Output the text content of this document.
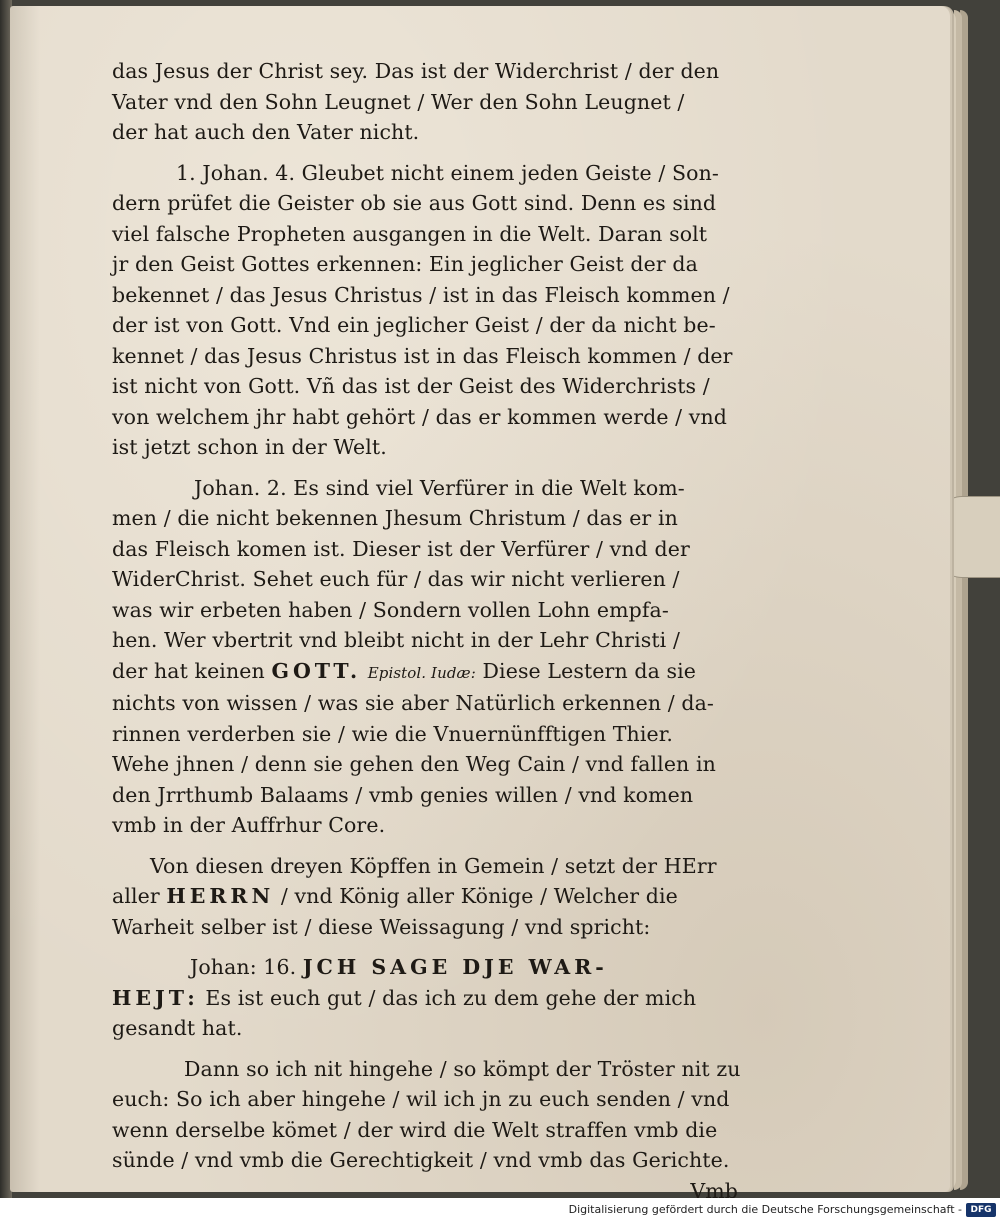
das Jesus der Christ sey. Das ist der Widerchrist / der den
Vater vnd den Sohn Leugnet / Wer den Sohn Leugnet /
der hat auch den Vater nicht.
1. Johan. 4. Gleubet nicht einem jeden Geiste / Son-
dern prüfet die Geister ob sie aus Gott sind. Denn es sind
viel falsche Propheten ausgangen in die Welt. Daran solt
jr den Geist Gottes erkennen: Ein jeglicher Geist der da
bekennet / das Jesus Christus / ist in das Fleisch kommen /
der ist von Gott. Vnd ein jeglicher Geist / der da nicht be-
kennet / das Jesus Christus ist in das Fleisch kommen / der
ist nicht von Gott. Vñ das ist der Geist des Widerchrists /
von welchem jhr habt gehört / das er kommen werde / vnd
ist jetzt schon in der Welt.
Johan. 2. Es sind viel Verfürer in die Welt kom-
men / die nicht bekennen Jhesum Christum / das er in
das Fleisch komen ist. Dieser ist der Verfürer / vnd der
WiderChrist. Sehet euch für / das wir nicht verlieren /
was wir erbeten haben / Sondern vollen Lohn empfa-
hen. Wer vbertrit vnd bleibt nicht in der Lehr Christi /
der hat keinen GOTT. Epistol. Iudæ: Diese Lestern da sie
nichts von wissen / was sie aber Natürlich erkennen / da-
rinnen verderben sie / wie die Vnuernünfftigen Thier.
Wehe jhnen / denn sie gehen den Weg Cain / vnd fallen in
den Jrrthumb Balaams / vmb genies willen / vnd komen
vmb in der Auffrhur Core.
Von diesen dreyen Köpffen in Gemein / setzt der HErr
aller HERRN / vnd König aller Könige / Welcher die
Warheit selber ist / diese Weissagung / vnd spricht:
Johan: 16. JCH SAGE DJE WAR-
HEJT: Es ist euch gut / das ich zu dem gehe der mich
gesandt hat.
Dann so ich nit hingehe / so kömpt der Tröster nit zu
euch: So ich aber hingehe / wil ich jn zu euch senden / vnd
wenn derselbe kömet / der wird die Welt straffen vmb die
sünde / vnd vmb die Gerechtigkeit / vnd vmb das Gerichte.
Vmb
Digitalisierung gefördert durch die Deutsche Forschungsgemeinschaft - DFG
